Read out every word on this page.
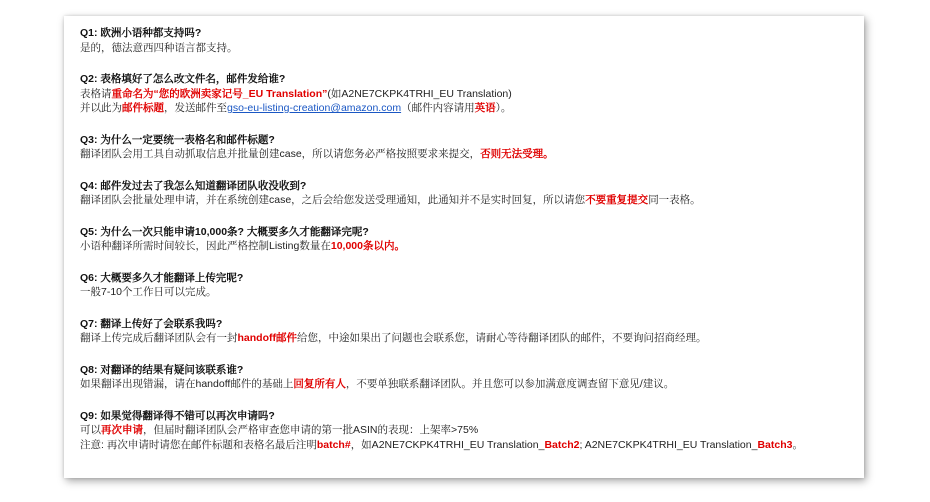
Q1: 欧洲小语种都支持吗?
是的，德法意西四种语言都支持。
Q2: 表格填好了怎么改文件名，邮件发给谁?
表格请重命名为“您的欧洲卖家记号_EU Translation”(如A2NE7CKPK4TRHI_EU Translation)
并以此为邮件标题，发送邮件至gso-eu-listing-creation@amazon.com（邮件内容请用英语）。
Q3: 为什么一定要统一表格名和邮件标题?
翻译团队会用工具自动抓取信息并批量创建case，所以请您务必严格按照要求来提交，否则无法受理。
Q4: 邮件发过去了我怎么知道翻译团队收没收到?
翻译团队会批量处理申请，并在系统创建case，之后会给您发送受理通知，此通知并不是实时回复，所以请您不要重复提交同一表格。
Q5: 为什么一次只能申请10,000条? 大概要多久才能翻译完呢?
小语种翻译所需时间较长，因此严格控制Listing数量在10,000条以内。
Q6: 大概要多久才能翻译上传完呢?
一般7-10个工作日可以完成。
Q7: 翻译上传好了会联系我吗?
翻译上传完成后翻译团队会有一封handoff邮件给您，中途如果出了问题也会联系您，请耐心等待翻译团队的邮件，不要询问招商经理。
Q8: 对翻译的结果有疑问该联系谁?
如果翻译出现错漏，请在handoff邮件的基础上回复所有人，不要单独联系翻译团队。并且您可以参加满意度调查留下意见/建议。
Q9: 如果觉得翻译得不错可以再次申请吗?
可以再次申请，但届时翻译团队会严格审查您申请的第一批ASIN的表现：上架率>75%
注意: 再次申请时请您在邮件标题和表格名最后注明batch#，如A2NE7CKPK4TRHI_EU Translation_Batch2; A2NE7CKPK4TRHI_EU Translation_Batch3。
